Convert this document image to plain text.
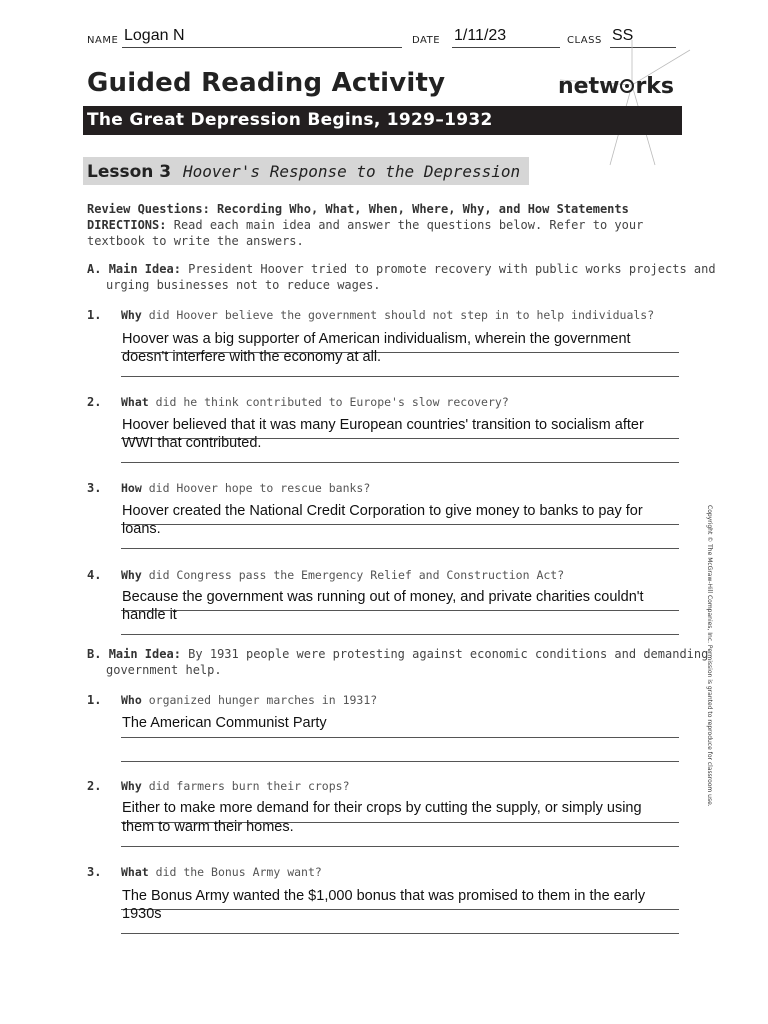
NAME Logan N	DATE 1/11/23	CLASS SS
Guided Reading Activity	netw rks
The Great Depression Begins, 1929–1932
Lesson 3 Hoover's Response to the Depression
Review Questions: Recording Who, What, When, Where, Why, and How Statements
DIRECTIONS: Read each main idea and answer the questions below. Refer to your
textbook to write the answers.
A. Main Idea: President Hoover tried to promote recovery with public works projects and
urging businesses not to reduce wages.
1. Why did Hoover believe the government should not step in to help individuals?
Hoover was a big supporter of American individualism, wherein the government
doesn't interfere with the economy at all.
2. What did he think contributed to Europe's slow recovery?
Hoover believed that it was many European countries' transition to socialism after
WWI that contributed.
3. How did Hoover hope to rescue banks?
Hoover created the National Credit Corporation to give money to banks to pay for
loans.
4. Why did Congress pass the Emergency Relief and Construction Act?
Because the government was running out of money, and private charities couldn't
handle it
B. Main Idea: By 1931 people were protesting against economic conditions and demanding
government help.
1. Who organized hunger marches in 1931?
The American Communist Party
2. Why did farmers burn their crops?
Either to make more demand for their crops by cutting the supply, or simply using
them to warm their homes.
3. What did the Bonus Army want?
The Bonus Army wanted the $1,000 bonus that was promised to them in the early
1930s
Copyright © The McGraw-Hill Companies, Inc. Permission is granted to reproduce for classroom use.
